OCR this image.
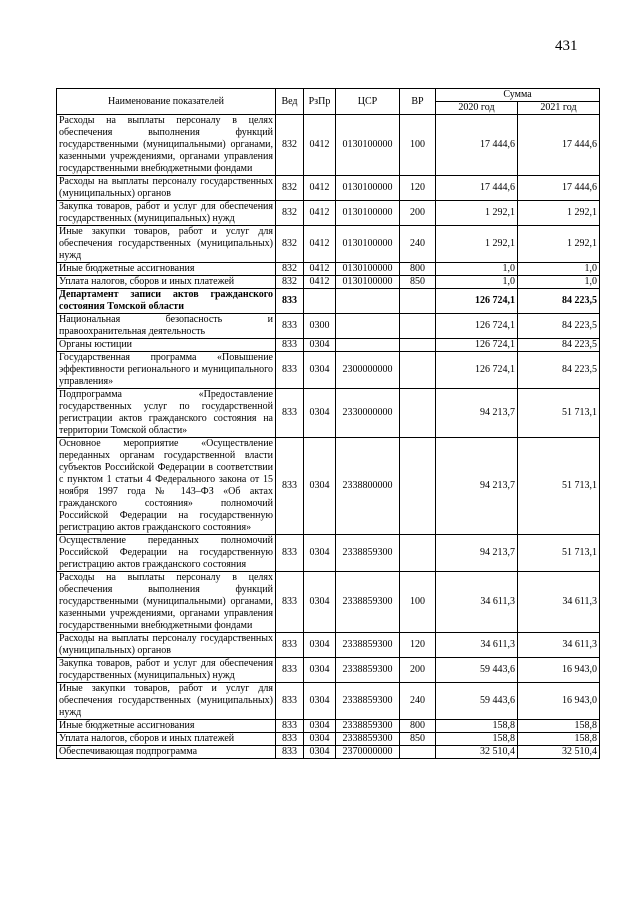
431
Наименование показателей	Вед	РзПр	ЦСР	ВР	Сумма	
					2020 год	2021 год
Расходы на выплаты персоналу в целях обеспечения выполнения функций государственными (муниципальными) органами, казенными учреждениями, органами управления государственными внебюджетными фондами	832	0412	0130100000	100	17 444,6	17 444,6
Расходы на выплаты персоналу государственных (муниципальных) органов	832	0412	0130100000	120	17 444,6	17 444,6
Закупка товаров, работ и услуг для обеспечения государственных (муниципальных) нужд	832	0412	0130100000	200	1 292,1	1 292,1
Иные закупки товаров, работ и услуг для обеспечения государственных (муниципальных) нужд	832	0412	0130100000	240	1 292,1	1 292,1
Иные бюджетные ассигнования	832	0412	0130100000	800	1,0	1,0
Уплата налогов, сборов и иных платежей	832	0412	0130100000	850	1,0	1,0
Департамент записи актов гражданского состояния Томской области	833				126 724,1	84 223,5
Национальная безопасность и правоохранительная деятельность	833	0300			126 724,1	84 223,5
Органы юстиции	833	0304			126 724,1	84 223,5
Государственная программа «Повышение эффективности регионального и муниципального управления»	833	0304	2300000000		126 724,1	84 223,5
Подпрограмма «Предоставление государственных услуг по государственной регистрации актов гражданского состояния на территории Томской области»	833	0304	2330000000		94 213,7	51 713,1
Основное мероприятие «Осуществление переданных органам государственной власти субъектов Российской Федерации в соответствии с пунктом 1 статьи 4 Федерального закона от 15 ноября 1997 года № 143–ФЗ «Об актах гражданского состояния» полномочий Российской Федерации на государственную регистрацию актов гражданского состояния»	833	0304	2338800000		94 213,7	51 713,1
Осуществление переданных полномочий Российской Федерации на государственную регистрацию актов гражданского состояния	833	0304	2338859300		94 213,7	51 713,1
Расходы на выплаты персоналу в целях обеспечения выполнения функций государственными (муниципальными) органами, казенными учреждениями, органами управления государственными внебюджетными фондами	833	0304	2338859300	100	34 611,3	34 611,3
Расходы на выплаты персоналу государственных (муниципальных) органов	833	0304	2338859300	120	34 611,3	34 611,3
Закупка товаров, работ и услуг для обеспечения государственных (муниципальных) нужд	833	0304	2338859300	200	59 443,6	16 943,0
Иные закупки товаров, работ и услуг для обеспечения государственных (муниципальных) нужд	833	0304	2338859300	240	59 443,6	16 943,0
Иные бюджетные ассигнования	833	0304	2338859300	800	158,8	158,8
Уплата налогов, сборов и иных платежей	833	0304	2338859300	850	158,8	158,8
Обеспечивающая подпрограмма	833	0304	2370000000		32 510,4	32 510,4
